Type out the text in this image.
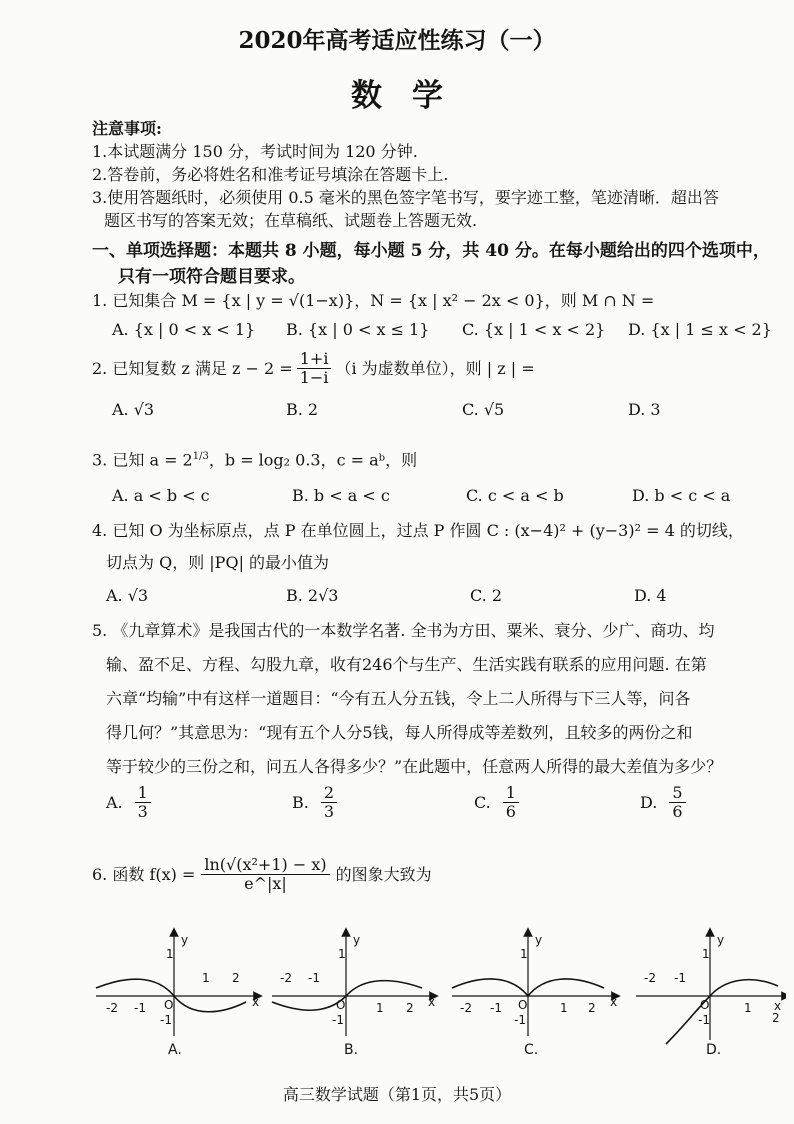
2020年高考适应性练习（一）
数学
注意事项:
1.本试题满分 150 分，考试时间为 120 分钟.
2.答卷前，务必将姓名和准考证号填涂在答题卡上.
3.使用答题纸时，必须使用 0.5 毫米的黑色签字笔书写，要字迹工整，笔迹清晰．超出答
题区书写的答案无效；在草稿纸、试题卷上答题无效.
一、单项选择题：本题共 8 小题，每小题 5 分，共 40 分。在每小题给出的四个选项中，
只有一项符合题目要求。
1. 已知集合 M = {x | y = √(1−x)}，N = {x | x² − 2x < 0}，则 M ∩ N =
A. {x | 0 < x < 1} B. {x | 0 < x ≤ 1} C. {x | 1 < x < 2} D. {x | 1 ≤ x < 2}
2. 已知复数 z 满足 $z - 2 = \frac{1+i}{1-i} (i$ 为虚数单位），则 | z | =
A. √3	B. 2	C. √5	D. 3
3. 已知 $a = 2^{1/3}$，b = log₂ 0.3，c = aᵇ，则
A. a < b < c	B. b < a < c	C. c < a < b	D. b < c < a
4. 已知 O 为坐标原点，点 P 在单位圆上，过点 P 作圆 C : (x−4)² + (y−3)² = 4 的切线，
切点为 Q，则 |PQ| 的最小值为
A. √3	B. 2√3	C. 2	D. 4
5. 《九章算术》是我国古代的一本数学名著. 全书为方田、粟米、衰分、少广、商功、均
输、盈不足、方程、勾股九章，收有246个与生产、生活实践有联系的应用问题. 在第
六章“均输”中有这样一道题目：“今有五人分五钱，令上二人所得与下三人等，问各
得几何？”其意思为：“现有五个人分5钱，每人所得成等差数列，且较多的两份之和
等于较少的三份之和，问五人各得多少？”在此题中，任意两人所得的最大差值为多少？
A. $\frac{1}{3}$	B. $\frac{2}{3}$	C. $\frac{1}{6}$	D. $\frac{5}{6}$
6. 函数 $f(x) = \frac{\text{ln(√(x²+1) − x)}}{e\^{}|x|}$ 的图象大致为
y
x
O
1
-1
-2 -1
1 2
A.
y
x
O
1
-1
-2 -1
1 2
B.
y
x
O
1
-1
-2 -1	1 2
C.
y
x
O
1
-1
-2 -1
1
2
D.
高三数学试题（第1页，共5页）
